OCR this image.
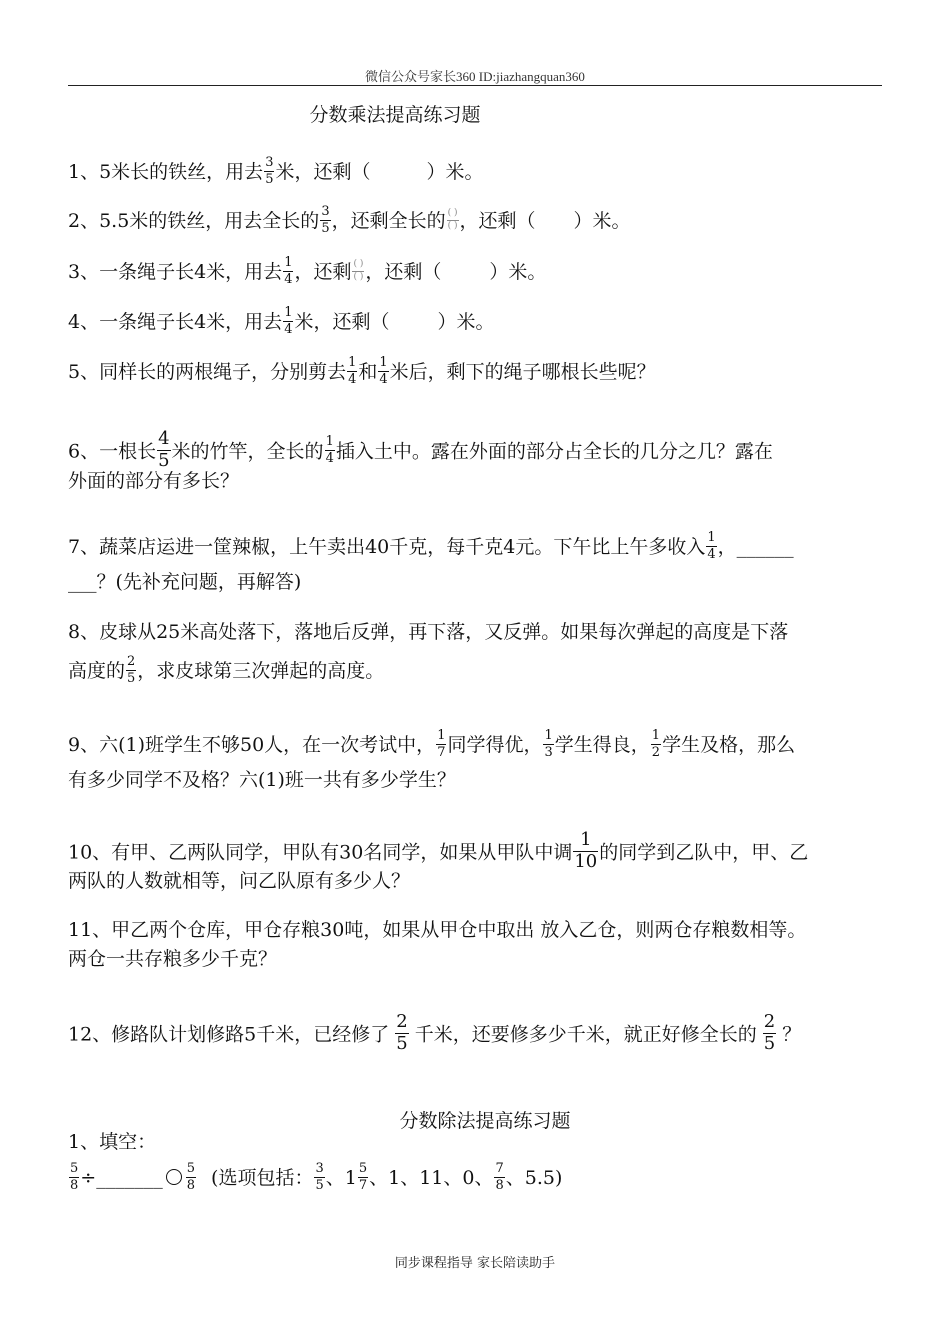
微信公众号家长360 ID:jiazhangquan360
分数乘法提高练习题
1、5米长的铁丝，用去 $\frac{3}{5}$ 米，还剩（	）米。
2、5.5米的铁丝，用去全长的 $\frac{3}{5}$ ，还剩全长的 $\frac{( )}{( )}$ ，还剩（ ）米。
3、一条绳子长4米，用去 $\frac{1}{4}$ ，还剩 $\frac{( )}{( )}$ ，还剩（	）米。
4、一条绳子长4米，用去 $\frac{1}{4}$ 米，还剩（	）米。
5、同样长的两根绳子，分别剪去 $\frac{1}{4}$ 和 $\frac{1}{4}$ 米后，剩下的绳子哪根长些呢？
6、一根长 $\frac{4}{5}$ 米的竹竿，全长的 $\frac{1}{4}$ 插入土中。露在外面的部分占全长的几分之几？露在
外面的部分有多长？
7、蔬菜店运进一筐辣椒，上午卖出40千克，每千克4元。下午比上午多收入 $\frac{1}{4}$ ，______
___？(先补充问题，再解答)
8、皮球从25米高处落下，落地后反弹，再下落，又反弹。如果每次弹起的高度是下落
高度的 $\frac{2}{5}$ ，求皮球第三次弹起的高度。
9、六(1)班学生不够50人，在一次考试中， $\frac{1}{7}$ 同学得优， $\frac{1}{3}$ 学生得良， $\frac{1}{2}$ 学生及格，那么
有多少同学不及格？六(1)班一共有多少学生？
10、有甲、乙两队同学，甲队有30名同学，如果从甲队中调 $\frac{1}{10}$ 的同学到乙队中，甲、乙
两队的人数就相等，问乙队原有多少人？
11、甲乙两个仓库，甲仓存粮30吨，如果从甲仓中取出 放入乙仓，则两仓存粮数相等。
两仓一共存粮多少千克？
12、修路队计划修路5千米，已经修了 $\frac{2}{5}$ 千米，还要修多少千米，就正好修全长的 $\frac{2}{5}$ ？
分数除法提高练习题
1、填空：
$\frac{5}{8}$ ÷_______ $\frac{5}{8}$ (选项包括： $\frac{3}{5}$ 、$1 \frac{5}{7}$ 、1、11、0、 $\frac{7}{8}$ 、5.5)
同步课程指导 家长陪读助手
